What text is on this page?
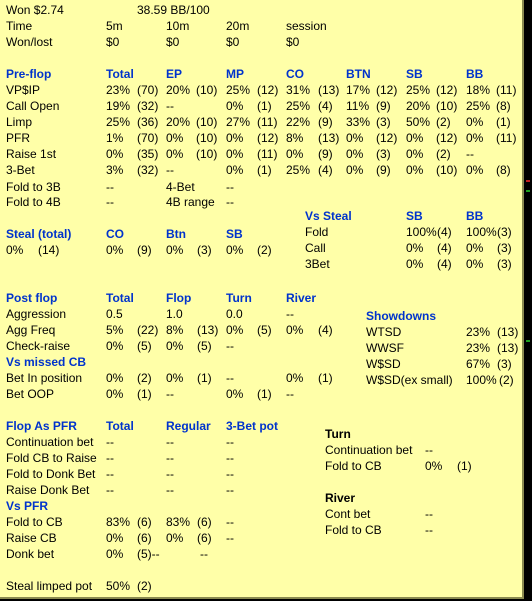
Won $2.74	38.59 BB/100
Time	5m	10m	20m	session
Won/lost	$0	$0	$0	$0
Pre-flop	Total	EP	MP	CO	BTN	SB	BB
VP$IP	23% (70) 20% (10) 25% (12) 31% (13) 17% (12) 25% (12) 18% (11)
Call Open	19% (32) --	0% (1) 25% (4) 11% (9) 20% (10) 25% (8)
Limp	25% (36) 20% (10) 27% (11) 22% (9) 33% (3) 50% (2) 0% (1)
PFR	1% (70) 0% (10) 0% (12) 8% (13) 0% (12) 0% (12) 0% (11)
Raise 1st	0% (35) 0% (10) 0% (11) 0% (9) 0% (3) 0% (2) --
3-Bet	3% (32) --	0% (1) 25% (4) 0% (9) 0% (10) 0% (8)
Fold to 3B	--	4-Bet	--
Fold to 4B	--	4B range --
Steal (total)	CO	Btn	SB
0% (14)	0% (9) 0% (3) 0% (2)
Vs Steal	SB	BB
Fold	100% (4) 100% (3)
Call	0% (4) 0% (3)
3Bet	0% (4) 0% (3)
Post flop	Total	Flop	Turn	River
Aggression	0.5	1.0	0.0	--
Agg Freq	5% (22) 8% (13) 0% (5) 0% (4)
Check-raise	0% (5) 0% (5) --
Vs missed CB
Bet In position 0% (2) 0% (1) --	0% (1)
Bet OOP	0% (1) --	0% (1) --
Showdowns
WTSD	23% (13)
WWSF	23% (13)
W$SD	67% (3)
W$SD(ex small) 100% (2)
Flop As PFR Total	Regular 3-Bet pot
Continuation bet --	--	--
Fold CB to Raise --	--	--
Fold to Donk Bet --	--	--
Raise Donk Bet --	--	--
Vs PFR
Fold to CB	83% (6) 83% (6) --
Raise CB	0% (6) 0% (6) --
Donk bet	0% (5)--	--
Turn
Continuation bet --
Fold to CB	0% (1)
River
Cont bet	--
Fold to CB	--
Steal limped pot 50% (2)
